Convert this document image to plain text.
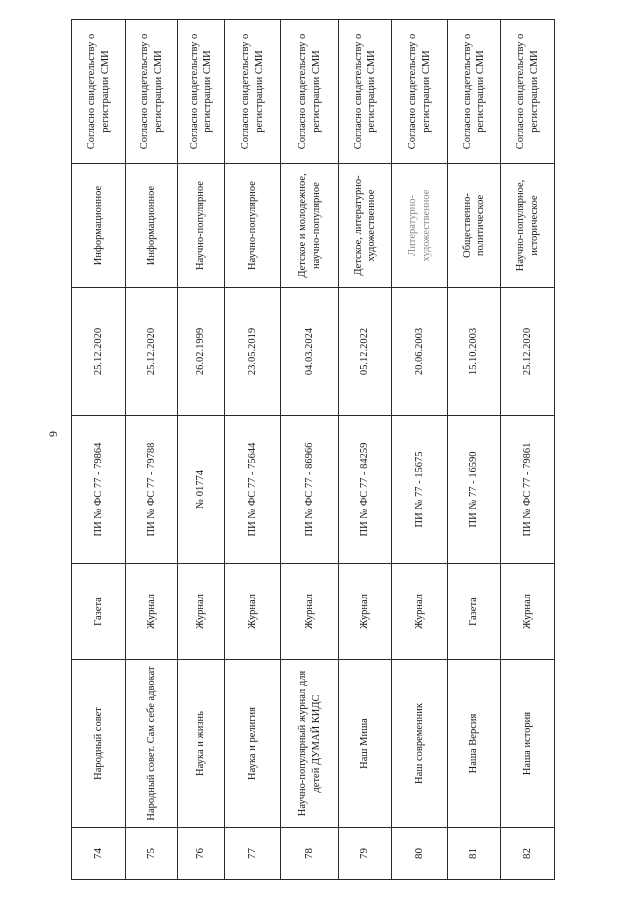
9
74	Народный совет	Газета	ПИ № ФС 77 - 79864	25.12.2020	Информационное	Согласно свидетельству о регистрации СМИ
75	Народный совет. Сам себе адвокат	Журнал	ПИ № ФС 77 - 79788	25.12.2020	Информационное	Согласно свидетельству о регистрации СМИ
76	Наука и жизнь	Журнал	№ 01774	26.02.1999	Научно-популярное	Согласно свидетельству о регистрации СМИ
77	Наука и религия	Журнал	ПИ № ФС 77 - 75644	23.05.2019	Научно-популярное	Согласно свидетельству о регистрации СМИ
78	Научно-популярный журнал для детей ДУМАЙ КИДС	Журнал	ПИ № ФС 77 - 86966	04.03.2024	Детское и молодежное, научно-популярное	Согласно свидетельству о регистрации СМИ
79	Наш Миша	Журнал	ПИ № ФС 77 - 84259	05.12.2022	Детское, литературно-художественное	Согласно свидетельству о регистрации СМИ
80	Наш современник	Журнал	ПИ № 77 - 15675	20.06.2003	Литературно-художественное	Согласно свидетельству о регистрации СМИ
81	Наша Версия	Газета	ПИ № 77 - 16590	15.10.2003	Общественно-политическое	Согласно свидетельству о регистрации СМИ
82	Наша история	Журнал	ПИ № ФС 77 - 79861	25.12.2020	Научно-популярное, историческое	Согласно свидетельству о регистрации СМИ
